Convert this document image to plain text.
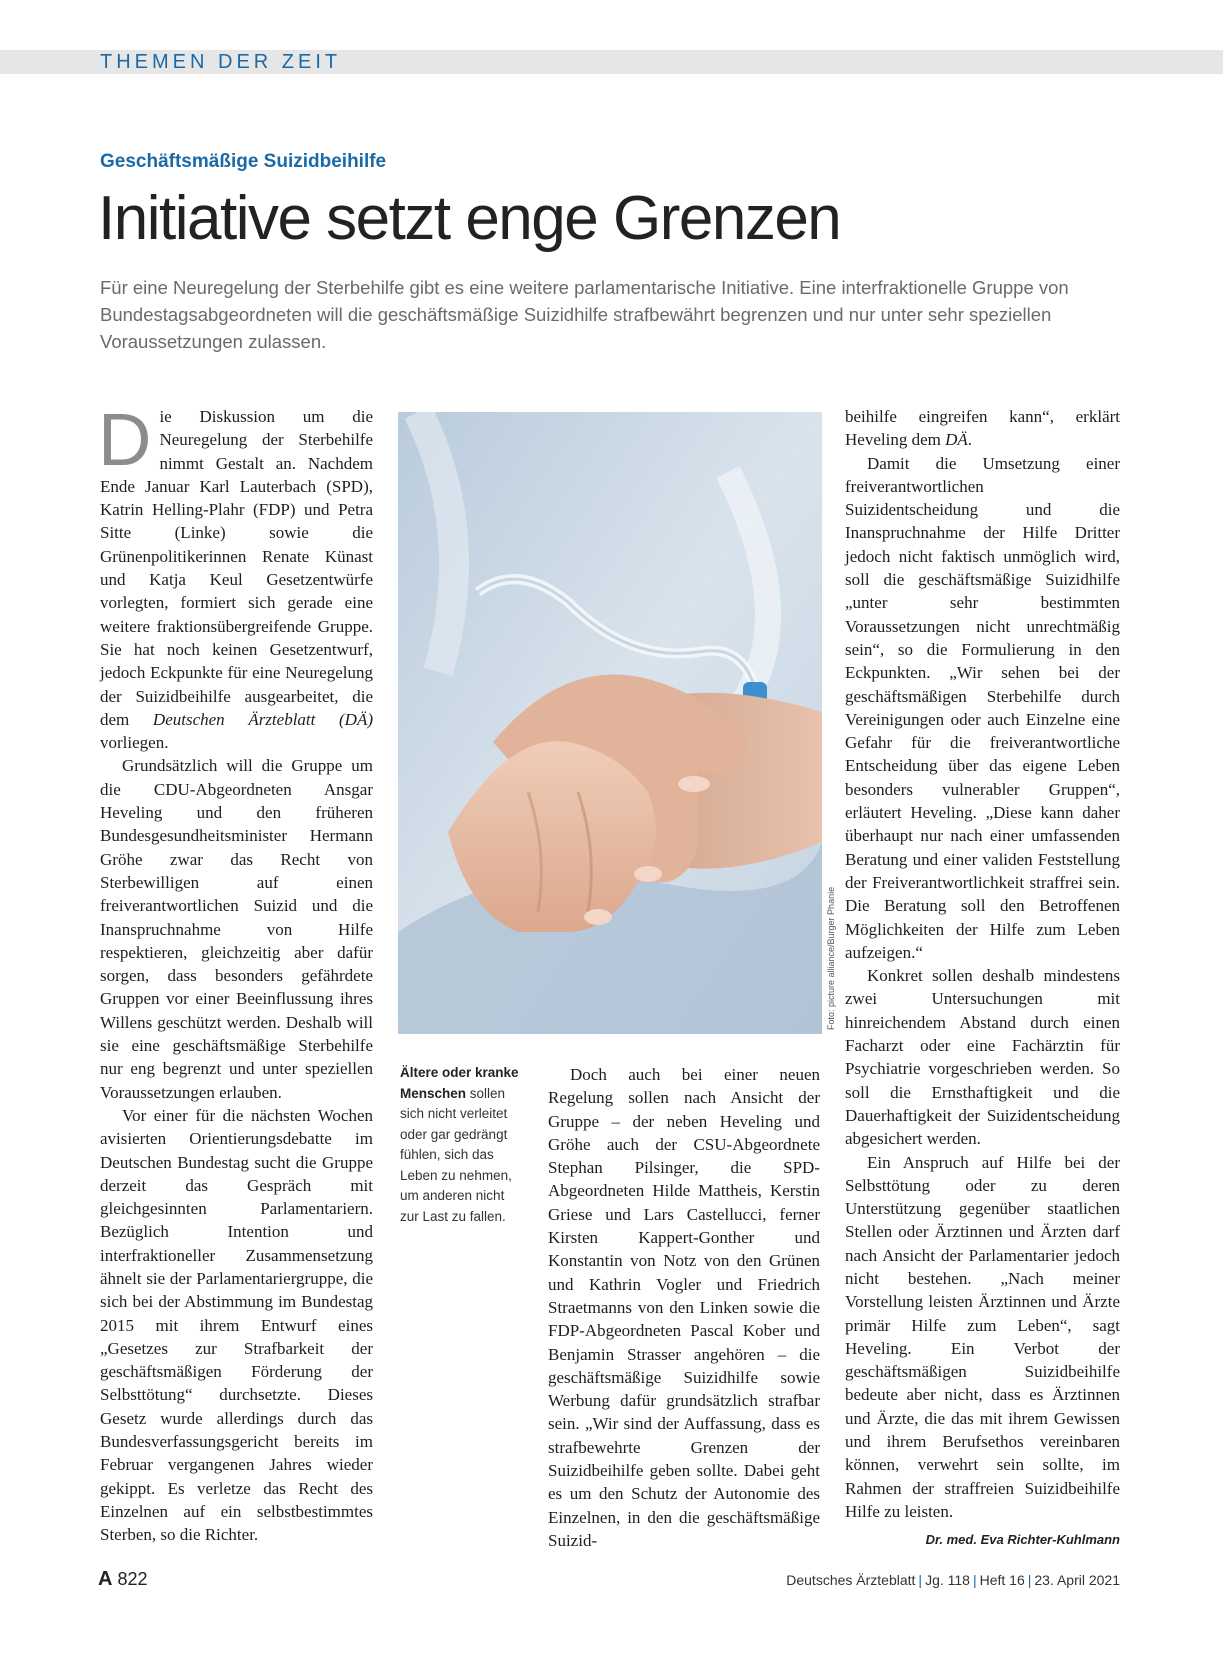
THEMEN DER ZEIT
Geschäftsmäßige Suizidbeihilfe
Initiative setzt enge Grenzen

Für eine Neuregelung der Sterbehilfe gibt es eine weitere parlamentarische Initiative. Eine interfraktionelle Gruppe von Bundestagsabgeordneten will die geschäftsmäßige Suizidhilfe strafbewährt begrenzen und nur unter sehr speziellen Voraussetzungen zulassen.

Die Diskussion um die Neuregelung der Sterbehilfe nimmt Gestalt an. Nachdem Ende Januar Karl Lauterbach (SPD), Katrin Helling-Plahr (FDP) und Petra Sitte (Linke) sowie die Grünenpolitikerinnen Renate Künast und Katja Keul Gesetzentwürfe vorlegten, formiert sich gerade eine weitere fraktionsübergreifende Gruppe. Sie hat noch keinen Gesetzentwurf, jedoch Eckpunkte für eine Neuregelung der Suizidbeihilfe ausgearbeitet, die dem Deutschen Ärzteblatt (DÄ) vorliegen.

Grundsätzlich will die Gruppe um die CDU-Abgeordneten Ansgar Heveling und den früheren Bundesgesundheitsminister Hermann Gröhe zwar das Recht von Sterbewilligen auf einen freiverantwortlichen Suizid und die Inanspruchnahme von Hilfe respektieren, gleichzeitig aber dafür sorgen, dass besonders gefährdete Gruppen vor einer Beeinflussung ihres Willens geschützt werden. Deshalb will sie eine geschäftsmäßige Sterbehilfe nur eng begrenzt und unter speziellen Voraussetzungen erlauben.

Vor einer für die nächsten Wochen avisierten Orientierungsdebatte im Deutschen Bundestag sucht die Gruppe derzeit das Gespräch mit gleichgesinnten Parlamentariern. Bezüglich Intention und interfraktioneller Zusammensetzung ähnelt sie der Parlamentariergruppe, die sich bei der Abstimmung im Bundestag 2015 mit ihrem Entwurf eines „Gesetzes zur Strafbarkeit der geschäftsmäßigen Förderung der Selbsttötung“ durchsetzte. Dieses Gesetz wurde allerdings durch das Bundesverfassungsgericht bereits im Februar vergangenen Jahres wieder gekippt. Es verletze das Recht des Einzelnen auf ein selbstbestimmtes Sterben, so die Richter.

Foto: picture alliance/Burger Phanie
Ältere oder kranke Menschen sollen sich nicht verleitet oder gar gedrängt fühlen, sich das Leben zu nehmen, um anderen nicht zur Last zu fallen.

Doch auch bei einer neuen Regelung sollen nach Ansicht der Gruppe – der neben Heveling und Gröhe auch der CSU-Abgeordnete Stephan Pilsinger, die SPD-Abgeordneten Hilde Mattheis, Kerstin Griese und Lars Castellucci, ferner Kirsten Kappert-Gonther und Konstantin von Notz von den Grünen und Kathrin Vogler und Friedrich Straetmanns von den Linken sowie die FDP-Abgeordneten Pascal Kober und Benjamin Strasser angehören – die geschäftsmäßige Suizidhilfe sowie Werbung dafür grundsätzlich strafbar sein. „Wir sind der Auffassung, dass es strafbewehrte Grenzen der Suizidbeihilfe geben sollte. Dabei geht es um den Schutz der Autonomie des Einzelnen, in den die geschäftsmäßige Suizid-

beihilfe eingreifen kann“, erklärt Heveling dem DÄ.

Damit die Umsetzung einer freiverantwortlichen Suizidentscheidung und die Inanspruchnahme der Hilfe Dritter jedoch nicht faktisch unmöglich wird, soll die geschäftsmäßige Suizidhilfe „unter sehr bestimmten Voraussetzungen nicht unrechtmäßig sein“, so die Formulierung in den Eckpunkten. „Wir sehen bei der geschäftsmäßigen Sterbehilfe durch Vereinigungen oder auch Einzelne eine Gefahr für die freiverantwortliche Entscheidung über das eigene Leben besonders vulnerabler Gruppen“, erläutert Heveling. „Diese kann daher überhaupt nur nach einer umfassenden Beratung und einer validen Feststellung der Freiverantwortlichkeit straffrei sein. Die Beratung soll den Betroffenen Möglichkeiten der Hilfe zum Leben aufzeigen.“

Konkret sollen deshalb mindestens zwei Untersuchungen mit hinreichendem Abstand durch einen Facharzt oder eine Fachärztin für Psychiatrie vorgeschrieben werden. So soll die Ernsthaftigkeit und die Dauerhaftigkeit der Suizidentscheidung abgesichert werden.

Ein Anspruch auf Hilfe bei der Selbsttötung oder zu deren Unterstützung gegenüber staatlichen Stellen oder Ärztinnen und Ärzten darf nach Ansicht der Parlamentarier jedoch nicht bestehen. „Nach meiner Vorstellung leisten Ärztinnen und Ärzte primär Hilfe zum Leben“, sagt Heveling. Ein Verbot der geschäftsmäßigen Suizidbeihilfe bedeute aber nicht, dass es Ärztinnen und Ärzte, die das mit ihrem Gewissen und ihrem Berufsethos vereinbaren können, verwehrt sein sollte, im Rahmen der straffreien Suizidbeihilfe Hilfe zu leisten.

Dr. med. Eva Richter-Kuhlmann
A 822	Deutsches Ärzteblatt | Jg. 118 | Heft 16 | 23. April 2021
